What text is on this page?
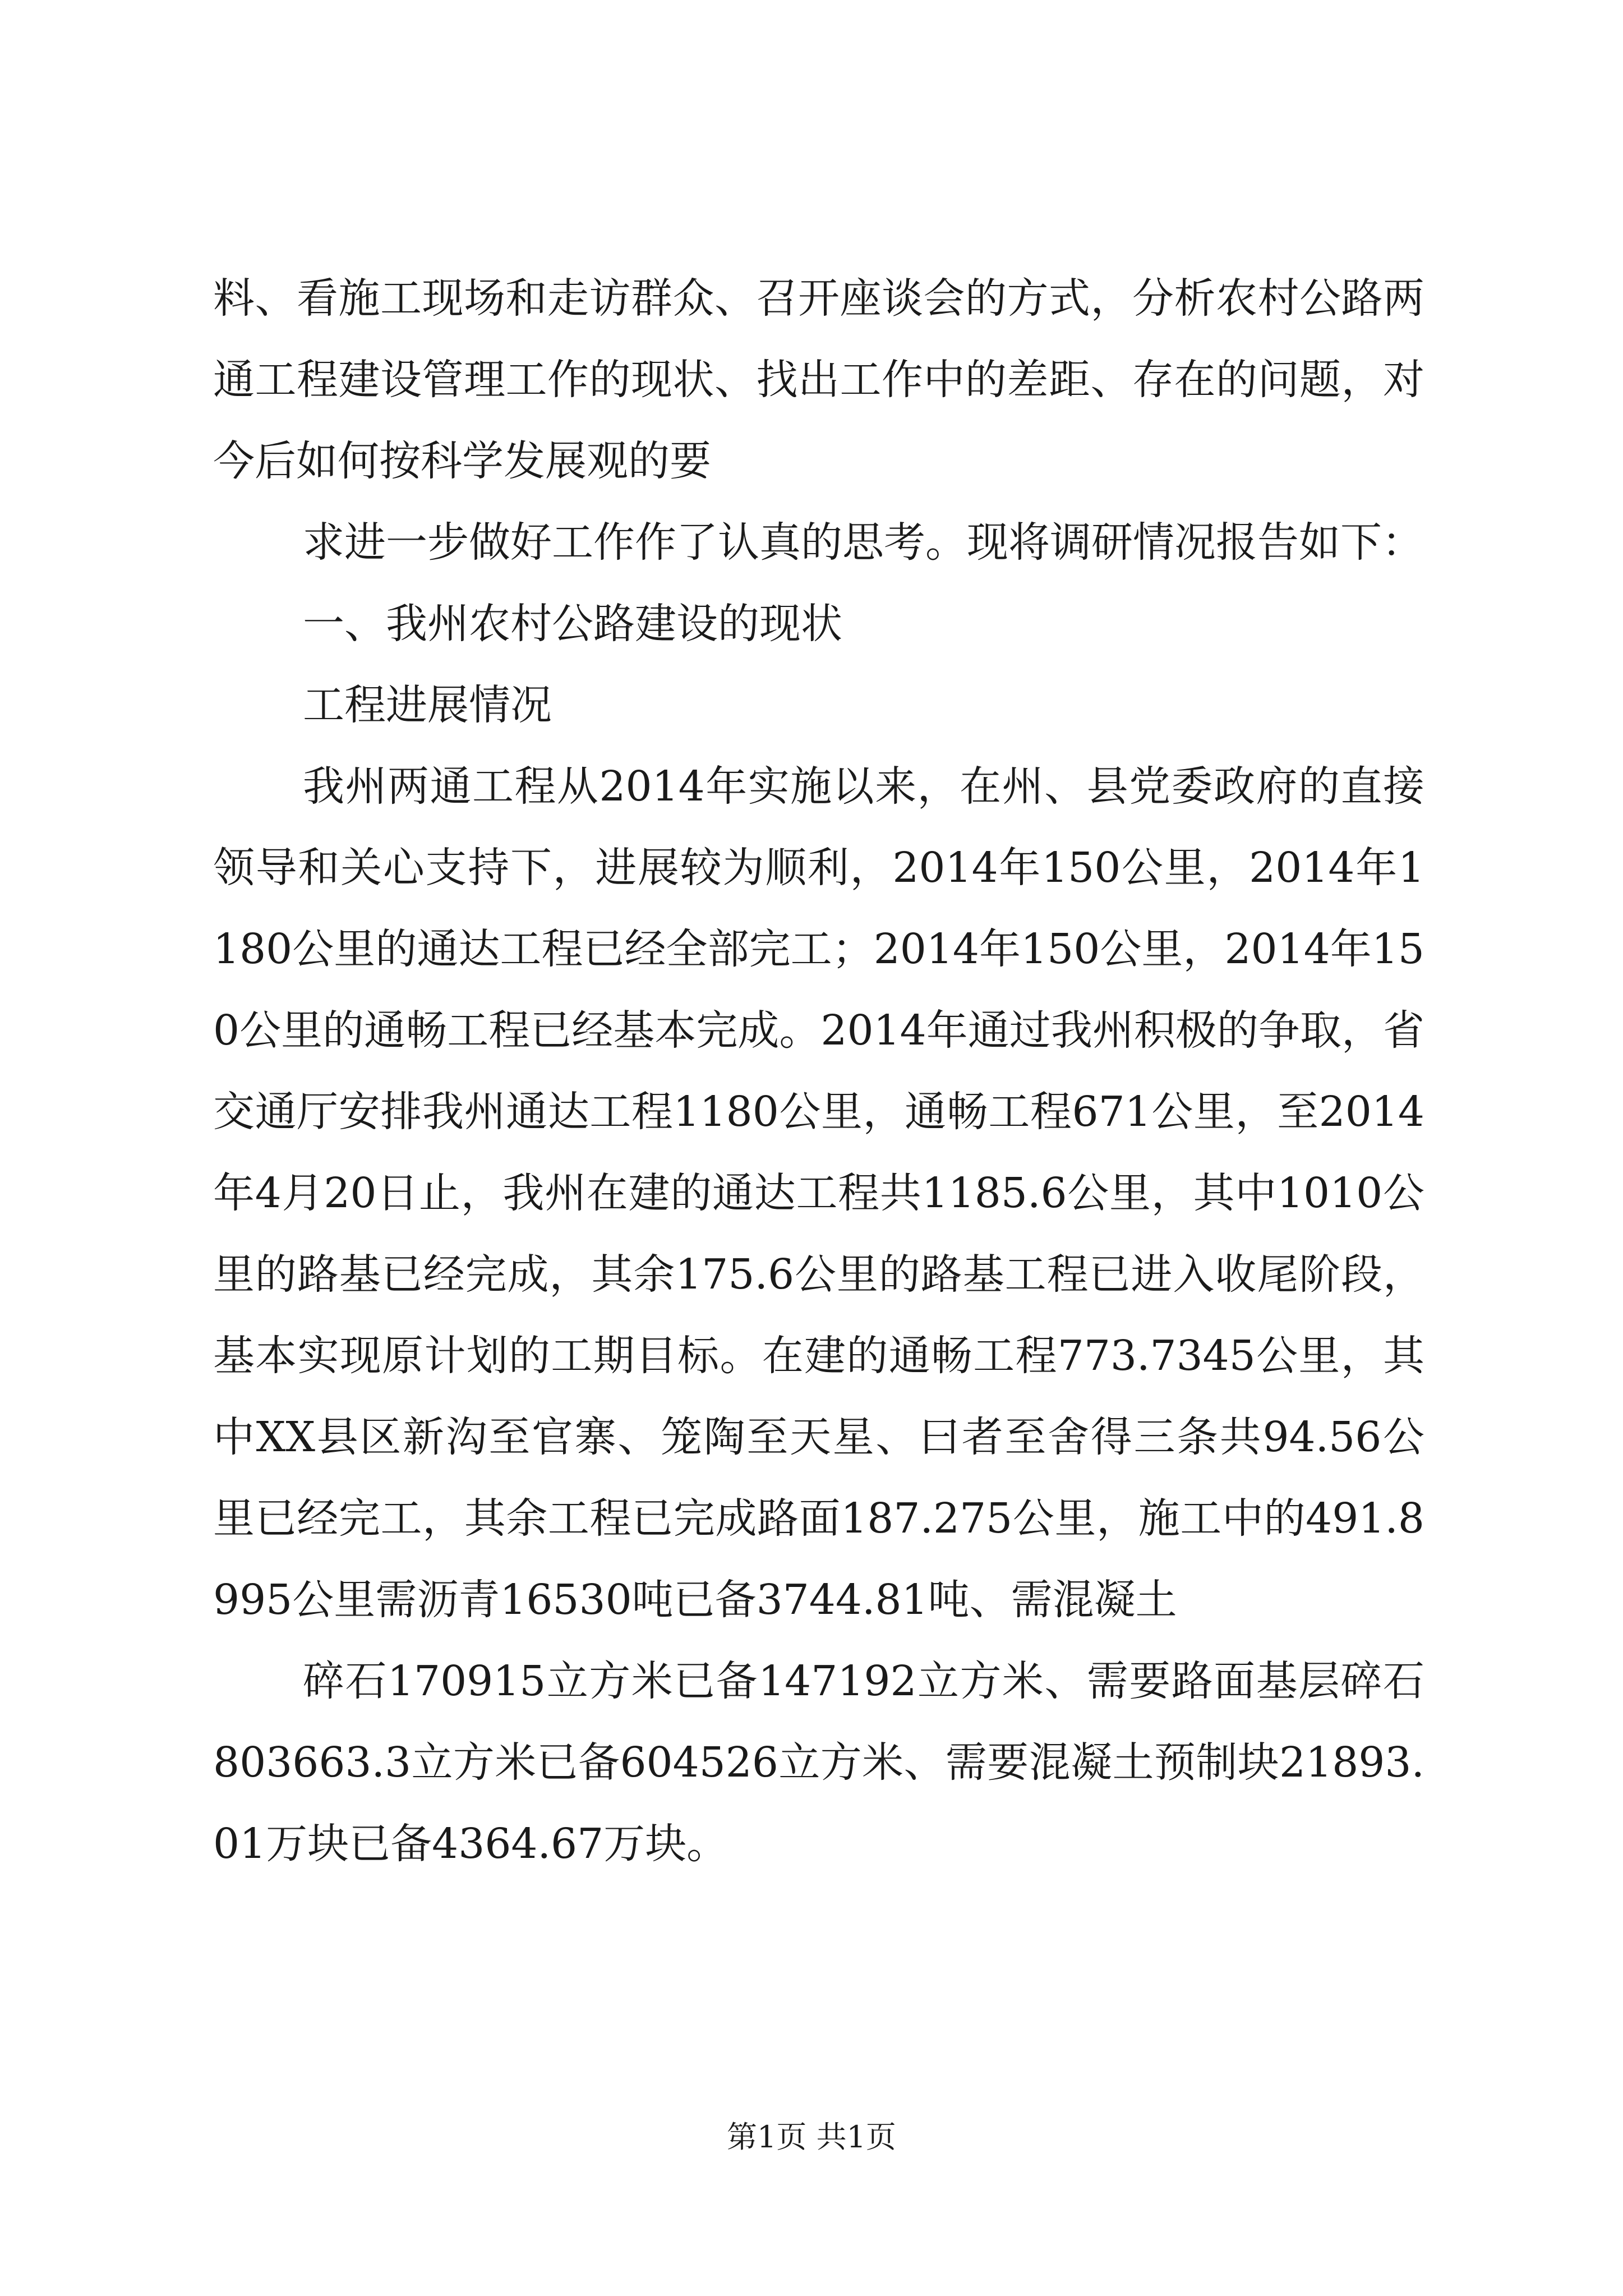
料、看施工现场和走访群众、召开座谈会的方式，分析农村公路两通工程建设管理工作的现状、找出工作中的差距、存在的问题，对今后如何按科学发展观的要

求进一步做好工作作了认真的思考。现将调研情况报告如下：

一、我州农村公路建设的现状

工程进展情况

我州两通工程从2014年实施以来，在州、县党委政府的直接领导和关心支持下，进展较为顺利，2014年150公里，2014年1180公里的通达工程已经全部完工；2014年150公里，2014年150公里的通畅工程已经基本完成。2014年通过我州积极的争取，省交通厅安排我州通达工程1180公里，通畅工程671公里，至2014年4月20日止，我州在建的通达工程共1185.6公里，其中1010公里的路基已经完成，其余175.6公里的路基工程已进入收尾阶段，基本实现原计划的工期目标。在建的通畅工程773.7345公里，其中XX县区新沟至官寨、笼陶至天星、曰者至舍得三条共94.56公里已经完工，其余工程已完成路面187.275公里，施工中的491.8995公里需沥青16530吨已备3744.81吨、需混凝土

碎石170915立方米已备147192立方米、需要路面基层碎石803663.3立方米已备604526立方米、需要混凝土预制块21893.01万块已备4364.67万块。

第1页 共1页
